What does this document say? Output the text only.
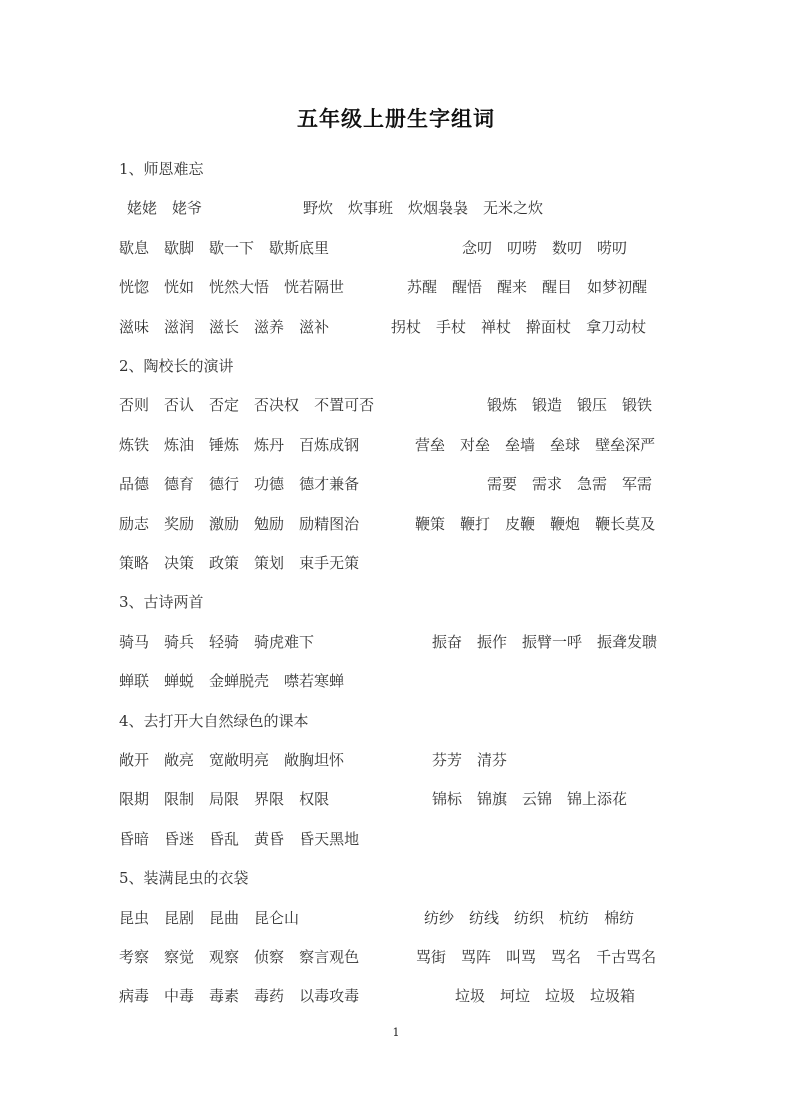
五年级上册生字组词
1、师恩难忘
姥姥 姥爷	野炊 炊事班 炊烟袅袅 无米之炊
歇息 歇脚 歇一下 歇斯底里	念叨 叨唠 数叨 唠叨
恍惚 恍如 恍然大悟 恍若隔世	苏醒 醒悟 醒来 醒目 如梦初醒
滋味 滋润 滋长 滋养 滋补	拐杖 手杖 禅杖 擀面杖 拿刀动杖
2、陶校长的演讲
否则 否认 否定 否决权 不置可否	锻炼 锻造 锻压 锻铁
炼铁 炼油 锤炼 炼丹 百炼成钢	营垒 对垒 垒墙 垒球 壁垒深严
品德 德育 德行 功德 德才兼备	需要 需求 急需 军需
励志 奖励 激励 勉励 励精图治	鞭策 鞭打 皮鞭 鞭炮 鞭长莫及
策略 决策 政策 策划 束手无策
3、古诗两首
骑马 骑兵 轻骑 骑虎难下	振奋 振作 振臂一呼 振聋发聩
蝉联 蝉蜕 金蝉脱壳 噤若寒蝉
4、去打开大自然绿色的课本
敞开 敞亮 宽敞明亮 敞胸坦怀	芬芳 清芬
限期 限制 局限 界限 权限	锦标 锦旗 云锦 锦上添花
昏暗 昏迷 昏乱 黄昏 昏天黑地
5、装满昆虫的衣袋
昆虫 昆剧 昆曲 昆仑山	纺纱 纺线 纺织 杭纺 棉纺
考察 察觉 观察 侦察 察言观色	骂街 骂阵 叫骂 骂名 千古骂名
病毒 中毒 毒素 毒药 以毒攻毒	垃圾 坷垃 垃圾 垃圾箱
1
